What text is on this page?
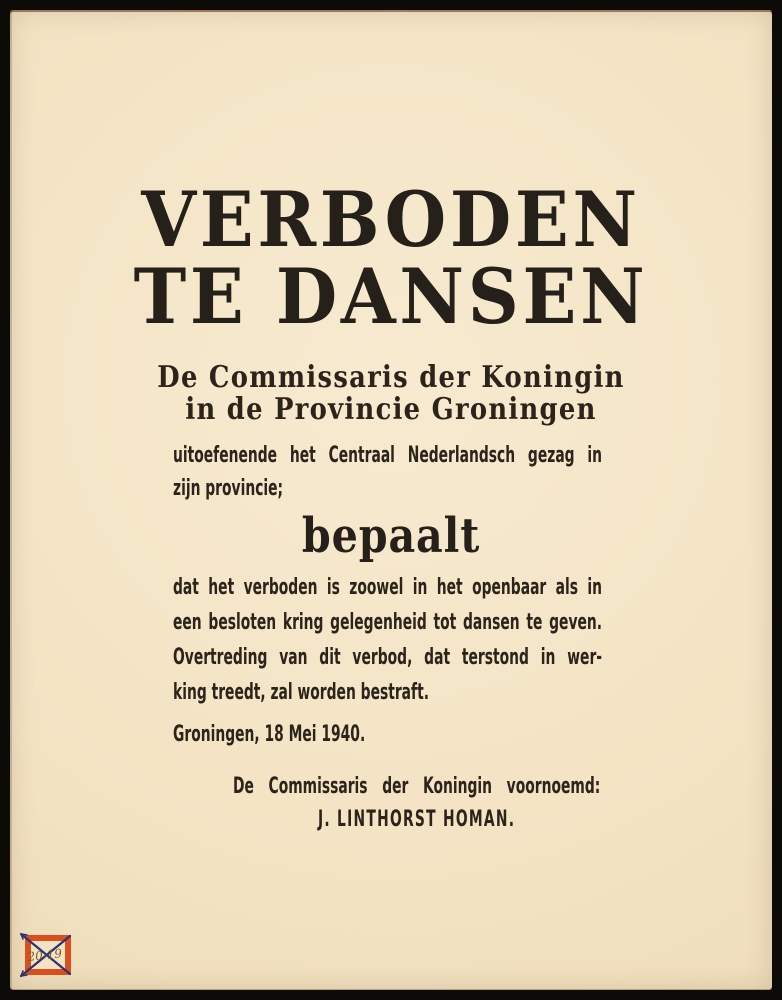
VERBODEN
TE DANSEN
De Commissaris der Koningin
in de Provincie Groningen
uitoefenende het Centraal Nederlandsch gezag in
zijn provincie;
bepaalt
dat het verboden is zoowel in het openbaar als in
een besloten kring gelegenheid tot dansen te geven.
Overtreding van dit verbod, dat terstond in wer-
king treedt, zal worden bestraft.
Groningen, 18 Mei 1940.
De Commissaris der Koningin voornoemd:
J. LINTHORST HOMAN.
20-19
